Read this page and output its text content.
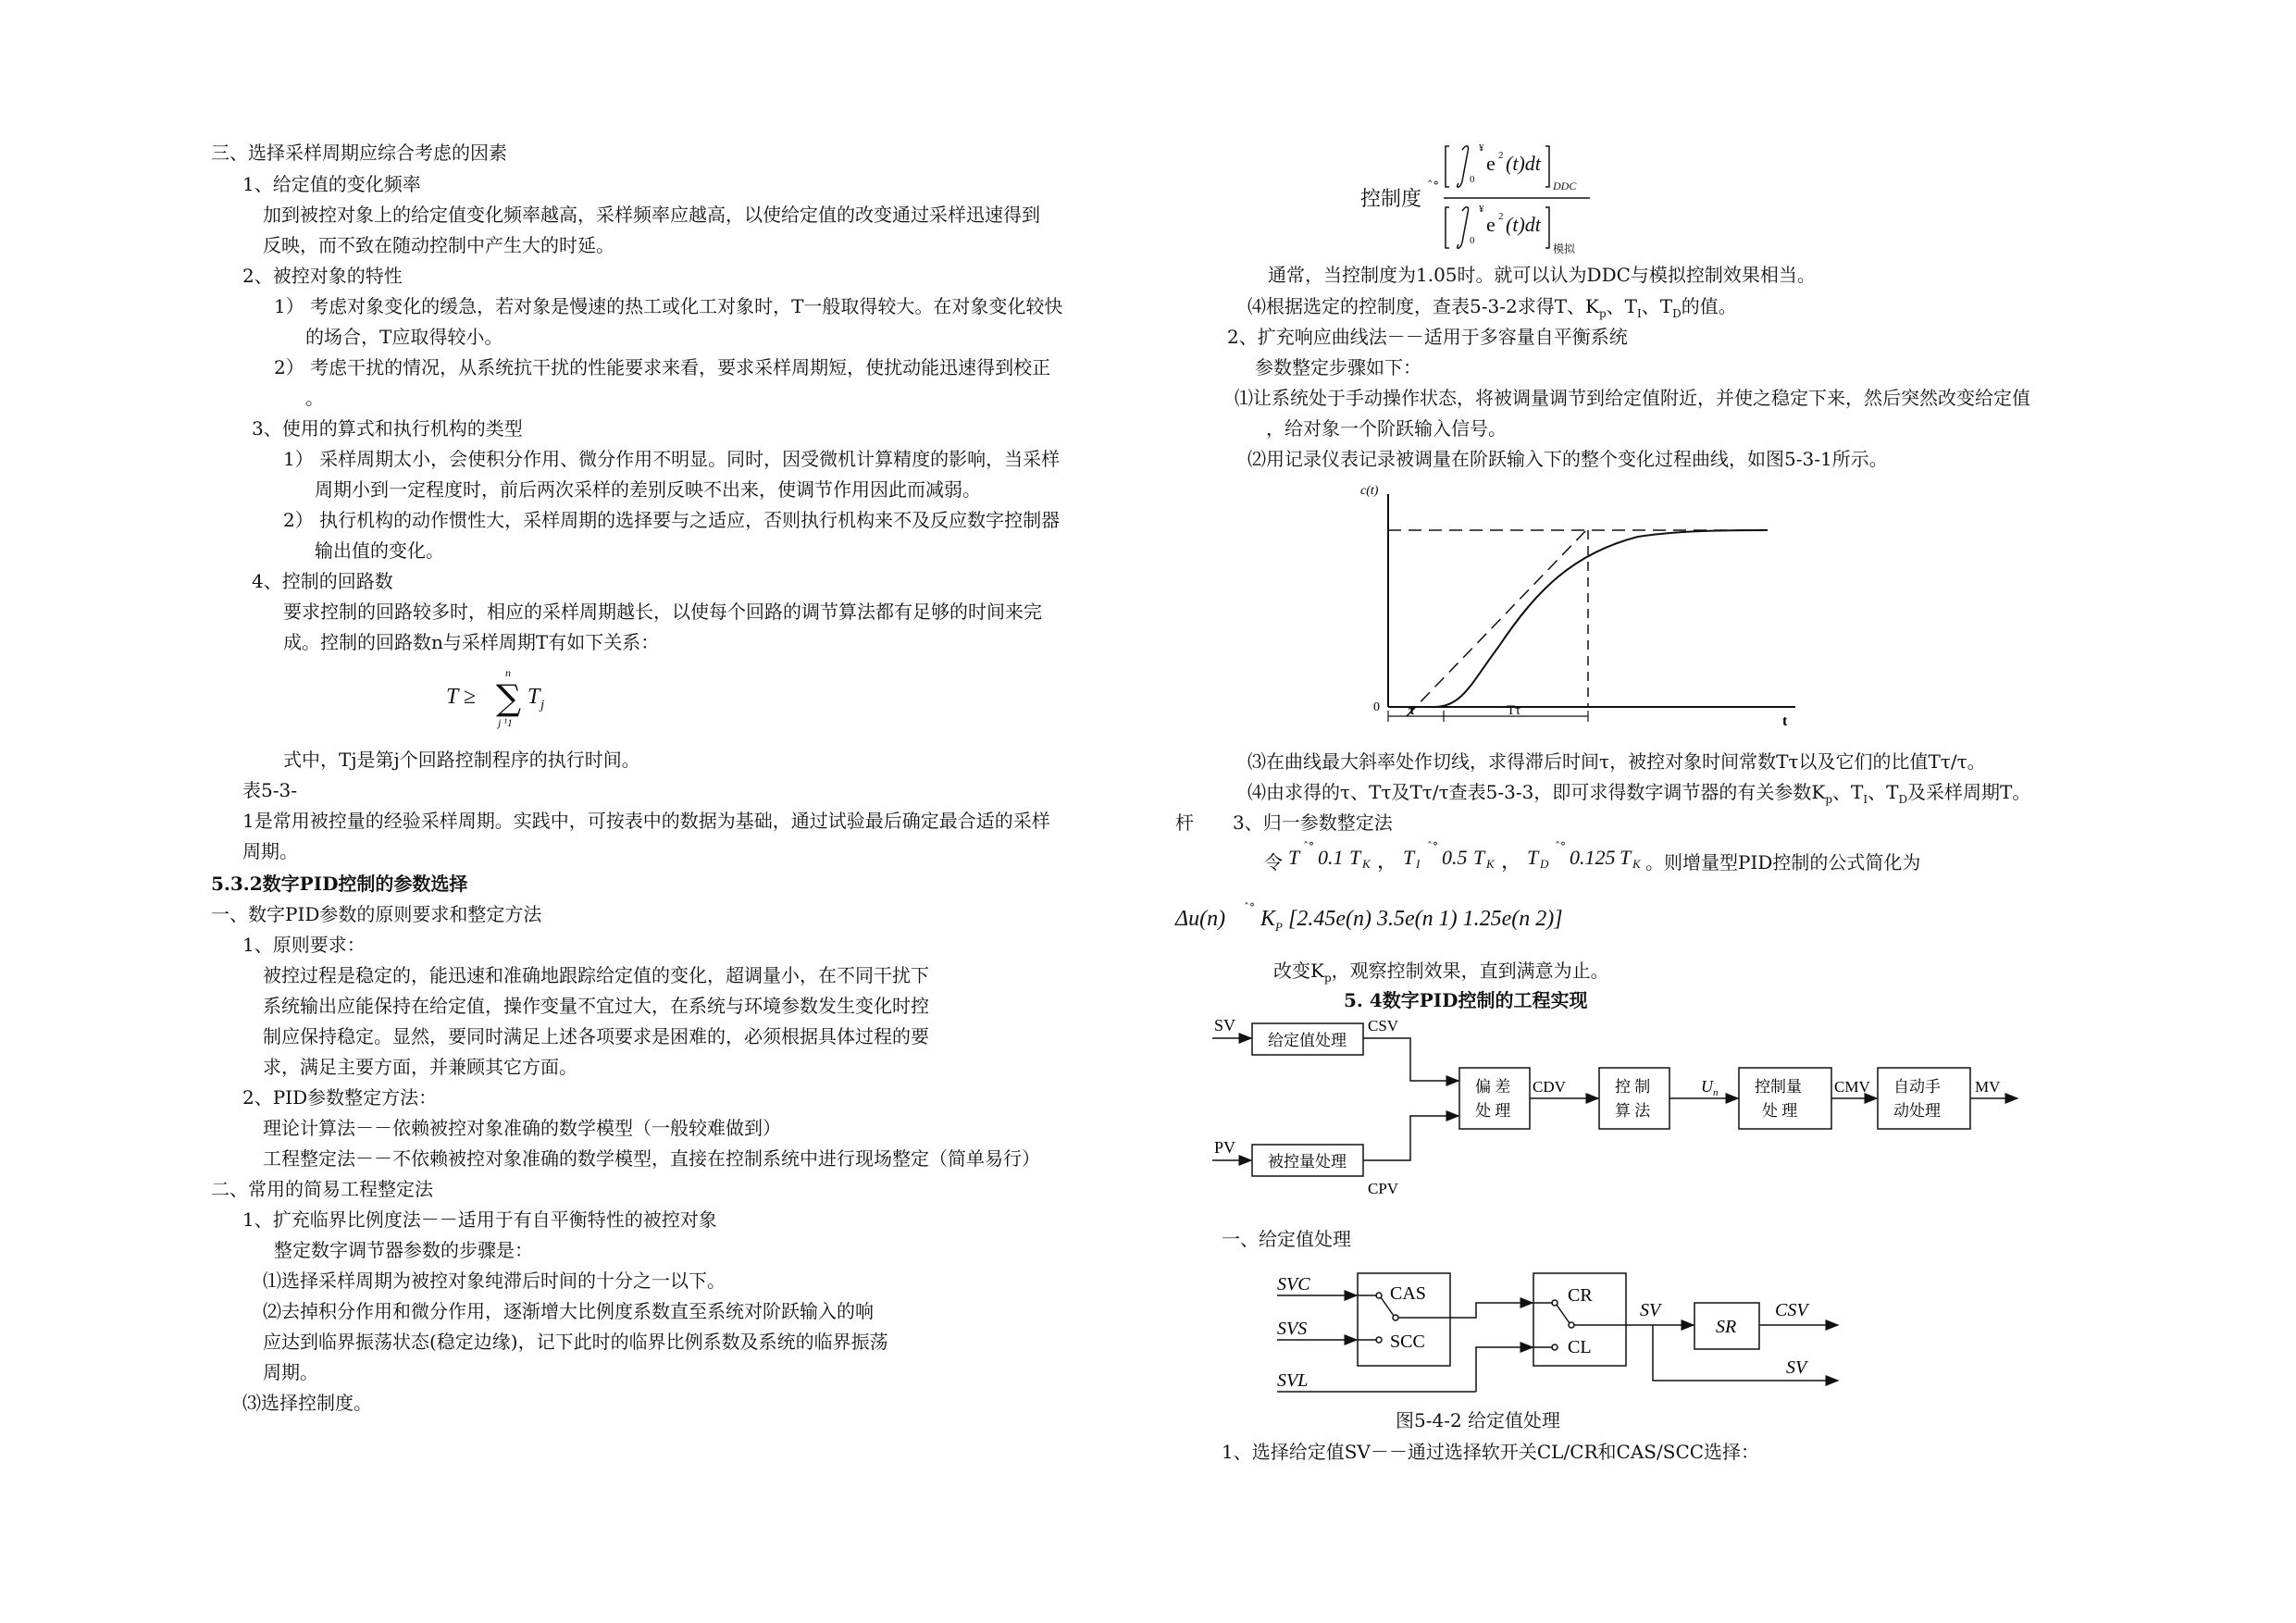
三、选择采样周期应综合考虑的因素
1、给定值的变化频率
加到被控对象上的给定值变化频率越高，采样频率应越高，以使给定值的改变通过采样迅速得到
反映，而不致在随动控制中产生大的时延。
2、被控对象的特性
1） 考虑对象变化的缓急，若对象是慢速的热工或化工对象时，T一般取得较大。在对象变化较快
的场合，T应取得较小。
2） 考虑干扰的情况，从系统抗干扰的性能要求来看，要求采样周期短，使扰动能迅速得到校正
。
3、使用的算式和执行机构的类型
1） 采样周期太小，会使积分作用、微分作用不明显。同时，因受微机计算精度的影响，当采样
周期小到一定程度时，前后两次采样的差别反映不出来，使调节作用因此而减弱。
2） 执行机构的动作惯性大，采样周期的选择要与之适应，否则执行机构来不及反应数字控制器
输出值的变化。
4、控制的回路数
要求控制的回路较多时，相应的采样周期越长，以使每个回路的调节算法都有足够的时间来完
成。控制的回路数n与采样周期T有如下关系：
T ≥ ∑
n
j ¹1
T j
式中，Tj是第j个回路控制程序的执行时间。
表5-3-
1是常用被控量的经验采样周期。实践中，可按表中的数据为基础，通过试验最后确定最合适的采样
周期。
5.3.2数字PID控制的参数选择
一、数字PID参数的原则要求和整定方法
1、原则要求：
被控过程是稳定的，能迅速和准确地跟踪给定值的变化，超调量小，在不同干扰下
系统输出应能保持在给定值，操作变量不宜过大，在系统与环境参数发生变化时控
制应保持稳定。显然，要同时满足上述各项要求是困难的，必须根据具体过程的要
求，满足主要方面，并兼顾其它方面。
2、PID参数整定方法：
理论计算法－－依赖被控对象准确的数学模型（一般较难做到）
工程整定法－－不依赖被控对象准确的数学模型，直接在控制系统中进行现场整定（简单易行）
二、常用的简易工程整定法
1、扩充临界比例度法－－适用于有自平衡特性的被控对象
整定数字调节器参数的步骤是：
⑴选择采样周期为被控对象纯滞后时间的十分之一以下。
⑵去掉积分作用和微分作用，逐渐增大比例度系数直至系统对阶跃输入的响
应达到临界振荡状态(稳定边缘)，记下此时的临界比例系数及系统的临界振荡
周期。
⑶选择控制度。
控制度
ˆ°
¥
0
e 2 (t)dt
DDC
¥
0
e 2 (t)dt
模拟
通常，当控制度为1.05时。就可以认为DDC与模拟控制效果相当。
⑷根据选定的控制度，查表5-3-2求得T、$K_p$、$T_I$、$T_D$的值。
2、扩充响应曲线法－－适用于多容量自平衡系统
参数整定步骤如下：
⑴让系统处于手动操作状态，将被调量调节到给定值附近，并使之稳定下来，然后突然改变给定值
，给对象一个阶跃输入信号。
⑵用记录仪表记录被调量在阶跃输入下的整个变化过程曲线，如图5-3-1所示。
c(t)
0
t
τ	Tτ
⑶在曲线最大斜率处作切线，求得滞后时间τ，被控对象时间常数Tτ以及它们的比值Tτ/τ。
⑷由求得的τ、Tτ及Tτ/τ查表5-3-3，即可求得数字调节器的有关参数$K_p$、$T_I$、$T_D$及采样周期T。
杆 3、归一参数整定法
令 T ˆ° 0.1 T K ， T I
ˆ° 0.5 T K ， T D
ˆ° 0.125 T K 。则增量型PID控制的公式简化为
Δu(n) ˆ° K P [2.45e(n) 3.5e(n 1) 1.25e(n 2)]
改变$K_p$，观察控制效果，直到满意为止。
5. 4数字PID控制的工程实现
SV
给定值处理
CSV
PV
被控量处理
CPV
偏 差
处 理
CDV	控 制
算 法
U n 控制量
处 理
CMV 自动手
动处理
MV
一、给定值处理
SVC
SVS
SVL
CAS
SCC
CR
CL
SV
SR
CSV
SV
图5-4-2 给定值处理
1、选择给定值SV－－通过选择软开关CL/CR和CAS/SCC选择：
